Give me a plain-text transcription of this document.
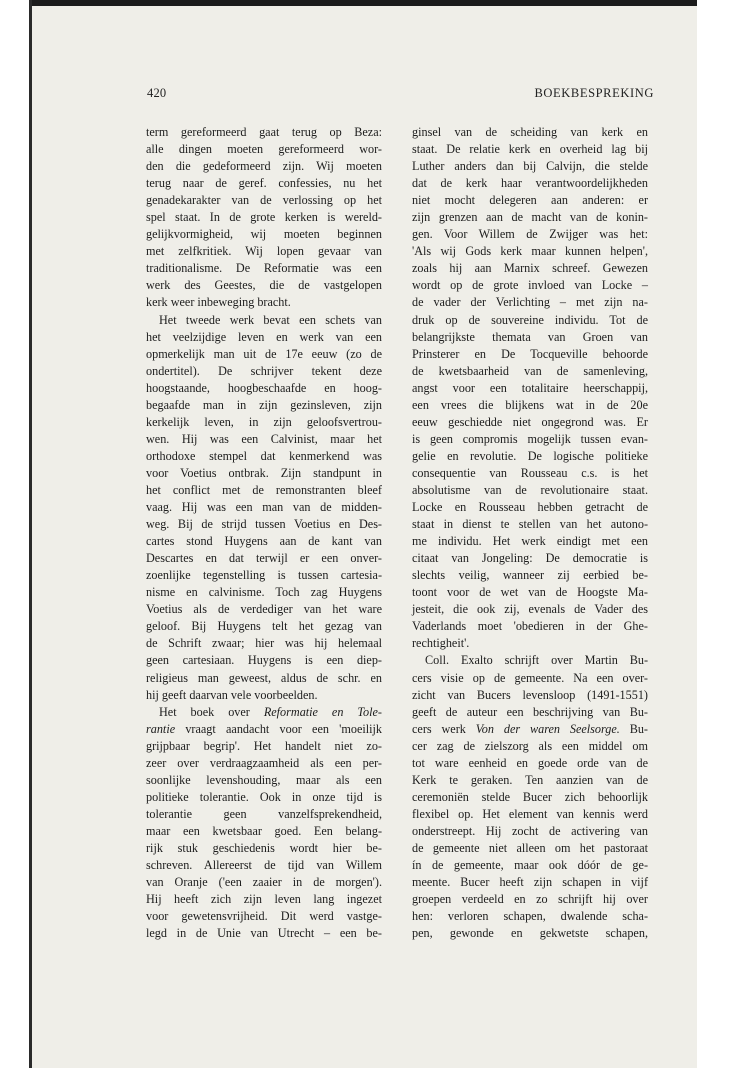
420	BOEKBESPREKING
term gereformeerd gaat terug op Beza:
alle dingen moeten gereformeerd wor-
den die gedeformeerd zijn. Wij moeten
terug naar de geref. confessies, nu het
genadekarakter van de verlossing op het
spel staat. In de grote kerken is wereld-
gelijkvormigheid, wij moeten beginnen
met zelfkritiek. Wij lopen gevaar van
traditionalisme. De Reformatie was een
werk des Geestes, die de vastgelopen
kerk weer inbeweging bracht.
Het tweede werk bevat een schets van
het veelzijdige leven en werk van een
opmerkelijk man uit de 17e eeuw (zo de
ondertitel). De schrijver tekent deze
hoogstaande, hoogbeschaafde en hoog-
begaafde man in zijn gezinsleven, zijn
kerkelijk leven, in zijn geloofsvertrou-
wen. Hij was een Calvinist, maar het
orthodoxe stempel dat kenmerkend was
voor Voetius ontbrak. Zijn standpunt in
het conflict met de remonstranten bleef
vaag. Hij was een man van de midden-
weg. Bij de strijd tussen Voetius en Des-
cartes stond Huygens aan de kant van
Descartes en dat terwijl er een onver-
zoenlijke tegenstelling is tussen cartesia-
nisme en calvinisme. Toch zag Huygens
Voetius als de verdediger van het ware
geloof. Bij Huygens telt het gezag van
de Schrift zwaar; hier was hij helemaal
geen cartesiaan. Huygens is een diep-
religieus man geweest, aldus de schr. en
hij geeft daarvan vele voorbeelden.
Het boek over Reformatie en Tole-
rantie vraagt aandacht voor een 'moeilijk
grijpbaar begrip'. Het handelt niet zo-
zeer over verdraagzaamheid als een per-
soonlijke levenshouding, maar als een
politieke tolerantie. Ook in onze tijd is
tolerantie geen vanzelfsprekendheid,
maar een kwetsbaar goed. Een belang-
rijk stuk geschiedenis wordt hier be-
schreven. Allereerst de tijd van Willem
van Oranje ('een zaaier in de morgen').
Hij heeft zich zijn leven lang ingezet
voor gewetensvrijheid. Dit werd vastge-
legd in de Unie van Utrecht – een be-
ginsel van de scheiding van kerk en
staat. De relatie kerk en overheid lag bij
Luther anders dan bij Calvijn, die stelde
dat de kerk haar verantwoordelijkheden
niet mocht delegeren aan anderen: er
zijn grenzen aan de macht van de konin-
gen. Voor Willem de Zwijger was het:
'Als wij Gods kerk maar kunnen helpen',
zoals hij aan Marnix schreef. Gewezen
wordt op de grote invloed van Locke –
de vader der Verlichting – met zijn na-
druk op de souvereine individu. Tot de
belangrijkste themata van Groen van
Prinsterer en De Tocqueville behoorde
de kwetsbaarheid van de samenleving,
angst voor een totalitaire heerschappij,
een vrees die blijkens wat in de 20e
eeuw geschiedde niet ongegrond was. Er
is geen compromis mogelijk tussen evan-
gelie en revolutie. De logische politieke
consequentie van Rousseau c.s. is het
absolutisme van de revolutionaire staat.
Locke en Rousseau hebben getracht de
staat in dienst te stellen van het autono-
me individu. Het werk eindigt met een
citaat van Jongeling: De democratie is
slechts veilig, wanneer zij eerbied be-
toont voor de wet van de Hoogste Ma-
jesteit, die ook zij, evenals de Vader des
Vaderlands moet 'obedieren in der Ghe-
rechtigheit'.
Coll. Exalto schrijft over Martin Bu-
cers visie op de gemeente. Na een over-
zicht van Bucers levensloop (1491-1551)
geeft de auteur een beschrijving van Bu-
cers werk Von der waren Seelsorge. Bu-
cer zag de zielszorg als een middel om
tot ware eenheid en goede orde van de
Kerk te geraken. Ten aanzien van de
ceremoniën stelde Bucer zich behoorlijk
flexibel op. Het element van kennis werd
onderstreept. Hij zocht de activering van
de gemeente niet alleen om het pastoraat
ín de gemeente, maar ook dóór de ge-
meente. Bucer heeft zijn schapen in vijf
groepen verdeeld en zo schrijft hij over
hen: verloren schapen, dwalende scha-
pen, gewonde en gekwetste schapen,
